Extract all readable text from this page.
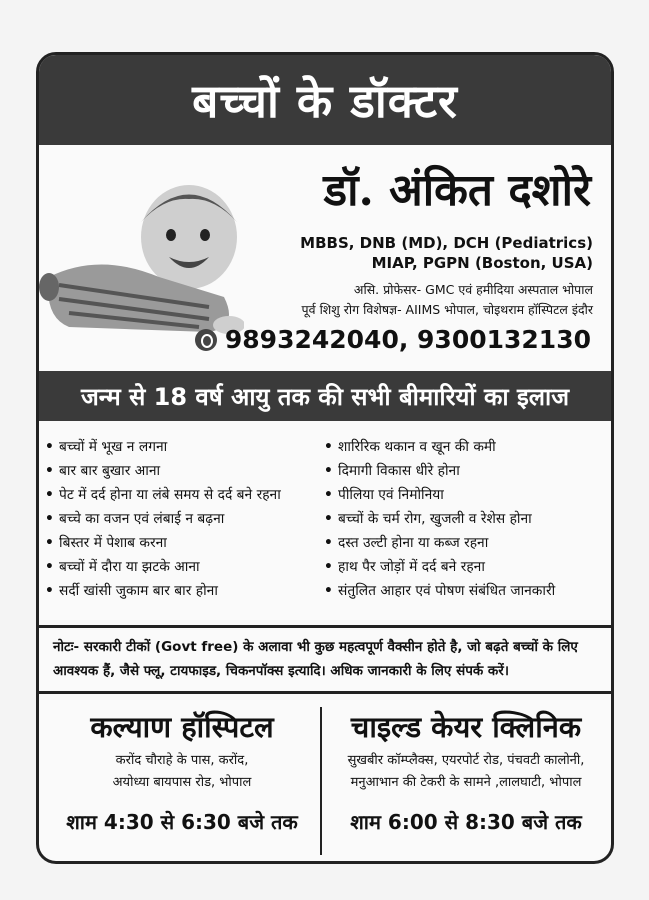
बच्चों के डॉक्टर
डॉ. अंकित दशोरे
MBBS, DNB (MD), DCH (Pediatrics)
MIAP, PGPN (Boston, USA)
असि. प्रोफेसर- GMC एवं हमीदिया अस्पताल भोपाल
पूर्व शिशु रोग विशेषज्ञ- AIIMS भोपाल, चोइथराम हॉस्पिटल इंदौर
9893242040, 9300132130
जन्म से 18 वर्ष आयु तक की सभी बीमारियों का इलाज
• बच्चों में भूख न लगना
• बार बार बुखार आना
• पेट में दर्द होना या लंबे समय से दर्द बने रहना
• बच्चे का वजन एवं लंबाई न बढ़ना
• बिस्तर में पेशाब करना
• बच्चों में दौरा या झटके आना
• सर्दी खांसी जुकाम बार बार होना
• शारिरिक थकान व खून की कमी
• दिमागी विकास धीरे होना
• पीलिया एवं निमोनिया
• बच्चों के चर्म रोग, खुजली व रेशेस होना
• दस्त उल्टी होना या कब्ज रहना
• हाथ पैर जोड़ों में दर्द बने रहना
• संतुलित आहार एवं पोषण संबंधित जानकारी
नोटः- सरकारी टीकों (Govt free) के अलावा भी कुछ महत्वपूर्ण वैक्सीन होते है, जो बढ़ते बच्चों के लिए आवश्यक हैं, जैसे फ्लू, टायफाइड, चिकनपॉक्स इत्यादि। अधिक जानकारी के लिए संपर्क करें।
कल्याण हॉस्पिटल
करोंद चौराहे के पास, करोंद,
अयोध्या बायपास रोड, भोपाल
शाम 4:30 से 6:30 बजे तक
चाइल्ड केयर क्लिनिक
सुखबीर कॉम्प्लैक्स, एयरपोर्ट रोड, पंचवटी कालोनी,
मनुआभान की टेकरी के सामने ,लालघाटी, भोपाल
शाम 6:00 से 8:30 बजे तक
